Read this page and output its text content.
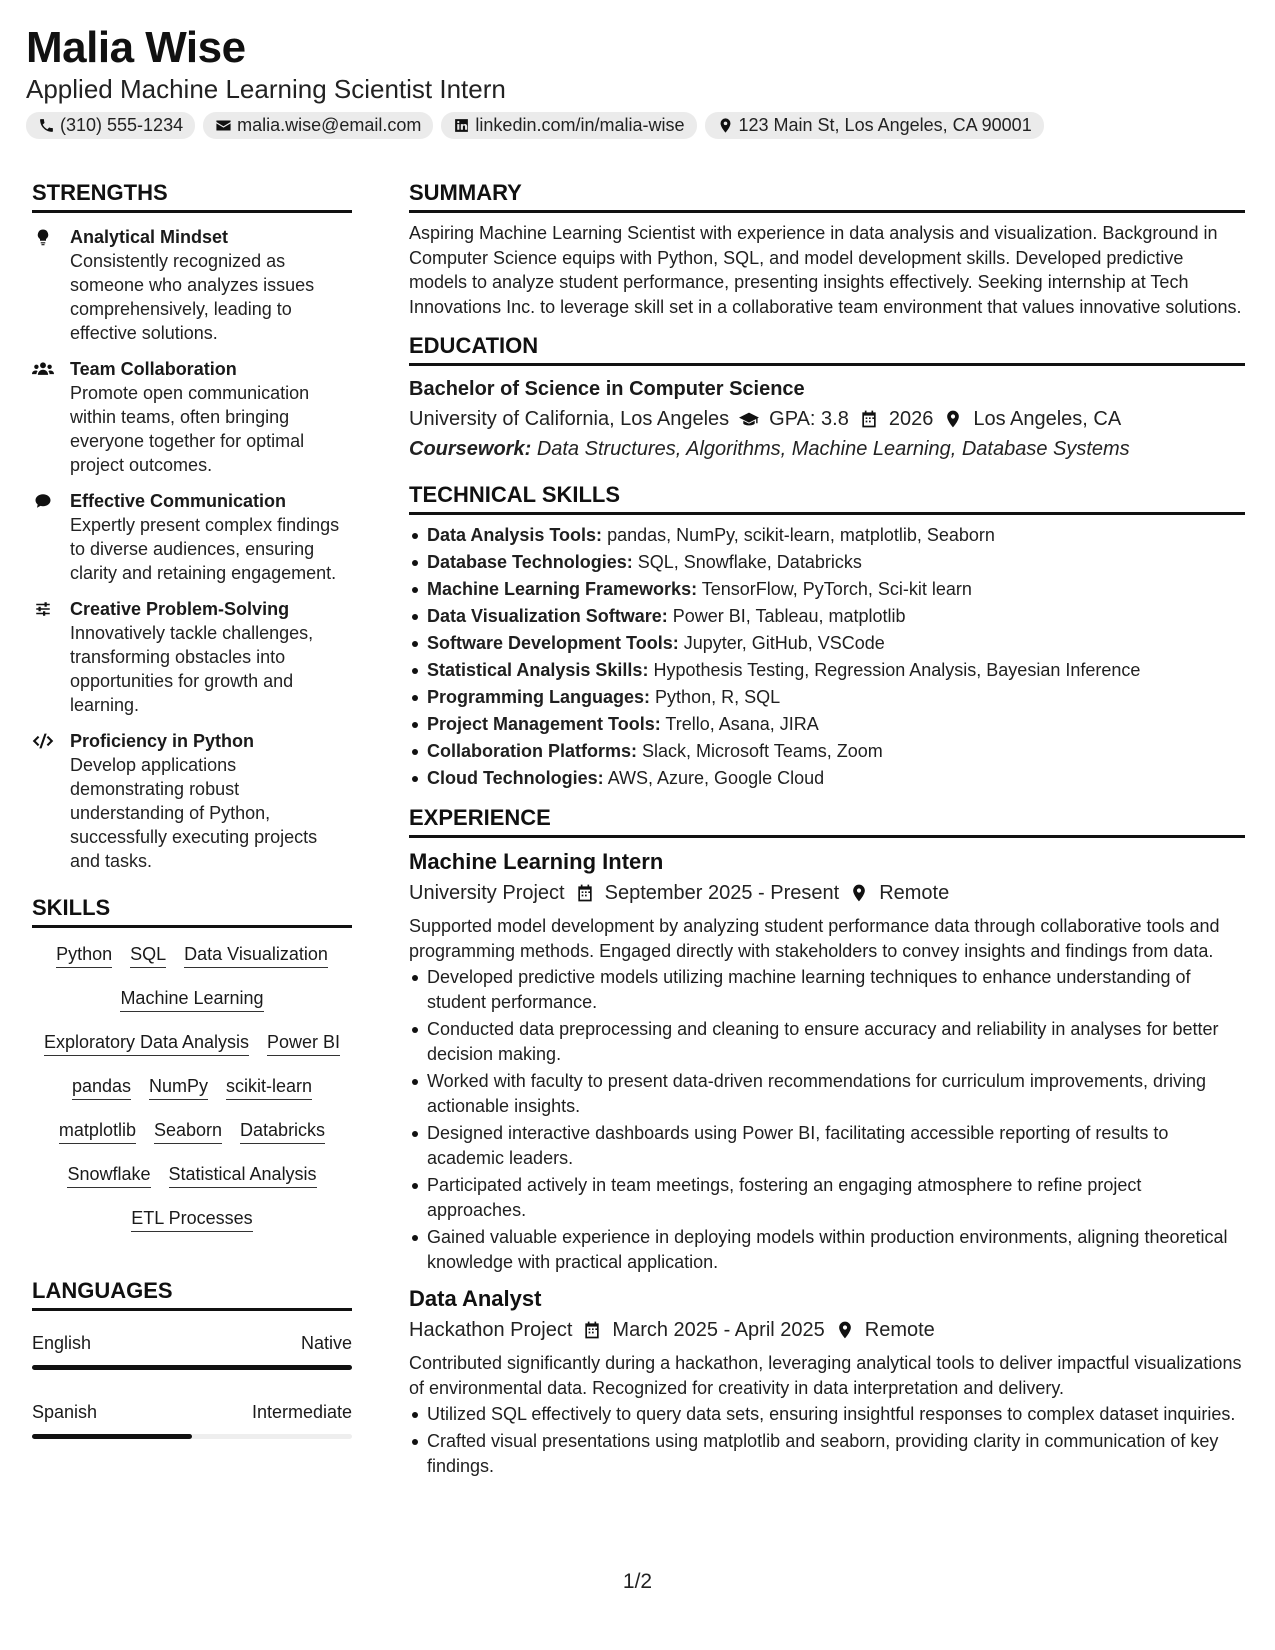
Malia Wise
Applied Machine Learning Scientist Intern
(310) 555-1234	malia.wise@email.com	linkedin.com/in/malia-wise	123 Main St, Los Angeles, CA 90001
STRENGTHS
Analytical Mindset
Consistently recognized as someone who analyzes issues comprehensively, leading to effective solutions.
Team Collaboration
Promote open communication within teams, often bringing everyone together for optimal project outcomes.
Effective Communication
Expertly present complex findings to diverse audiences, ensuring clarity and retaining engagement.
Creative Problem-Solving
Innovatively tackle challenges, transforming obstacles into opportunities for growth and learning.
Proficiency in Python
Develop applications demonstrating robust understanding of Python, successfully executing projects and tasks.
SKILLS
Python SQL Data Visualization
Machine Learning
Exploratory Data Analysis Power BI
pandas NumPy scikit-learn
matplotlib Seaborn Databricks
Snowflake Statistical Analysis
ETL Processes
LANGUAGES
English	Native
Spanish	Intermediate
SUMMARY
Aspiring Machine Learning Scientist with experience in data analysis and visualization. Background in Computer Science equips with Python, SQL, and model development skills. Developed predictive models to analyze student performance, presenting insights effectively. Seeking internship at Tech Innovations Inc. to leverage skill set in a collaborative team environment that values innovative solutions.
EDUCATION
Bachelor of Science in Computer Science
University of California, Los Angeles GPA: 3.8 2026 Los Angeles, CA
Coursework: Data Structures, Algorithms, Machine Learning, Database Systems
TECHNICAL SKILLS
Data Analysis Tools: pandas, NumPy, scikit-learn, matplotlib, Seaborn
Database Technologies: SQL, Snowflake, Databricks
Machine Learning Frameworks: TensorFlow, PyTorch, Sci-kit learn
Data Visualization Software: Power BI, Tableau, matplotlib
Software Development Tools: Jupyter, GitHub, VSCode
Statistical Analysis Skills: Hypothesis Testing, Regression Analysis, Bayesian Inference
Programming Languages: Python, R, SQL
Project Management Tools: Trello, Asana, JIRA
Collaboration Platforms: Slack, Microsoft Teams, Zoom
Cloud Technologies: AWS, Azure, Google Cloud
EXPERIENCE
Machine Learning Intern
University Project September 2025 - Present Remote
Supported model development by analyzing student performance data through collaborative tools and programming methods. Engaged directly with stakeholders to convey insights and findings from data.
Developed predictive models utilizing machine learning techniques to enhance understanding of student performance.
Conducted data preprocessing and cleaning to ensure accuracy and reliability in analyses for better decision making.
Worked with faculty to present data-driven recommendations for curriculum improvements, driving actionable insights.
Designed interactive dashboards using Power BI, facilitating accessible reporting of results to academic leaders.
Participated actively in team meetings, fostering an engaging atmosphere to refine project approaches.
Gained valuable experience in deploying models within production environments, aligning theoretical knowledge with practical application.
Data Analyst
Hackathon Project March 2025 - April 2025 Remote
Contributed significantly during a hackathon, leveraging analytical tools to deliver impactful visualizations of environmental data. Recognized for creativity in data interpretation and delivery.
Utilized SQL effectively to query data sets, ensuring insightful responses to complex dataset inquiries.
Crafted visual presentations using matplotlib and seaborn, providing clarity in communication of key findings.
1/2
